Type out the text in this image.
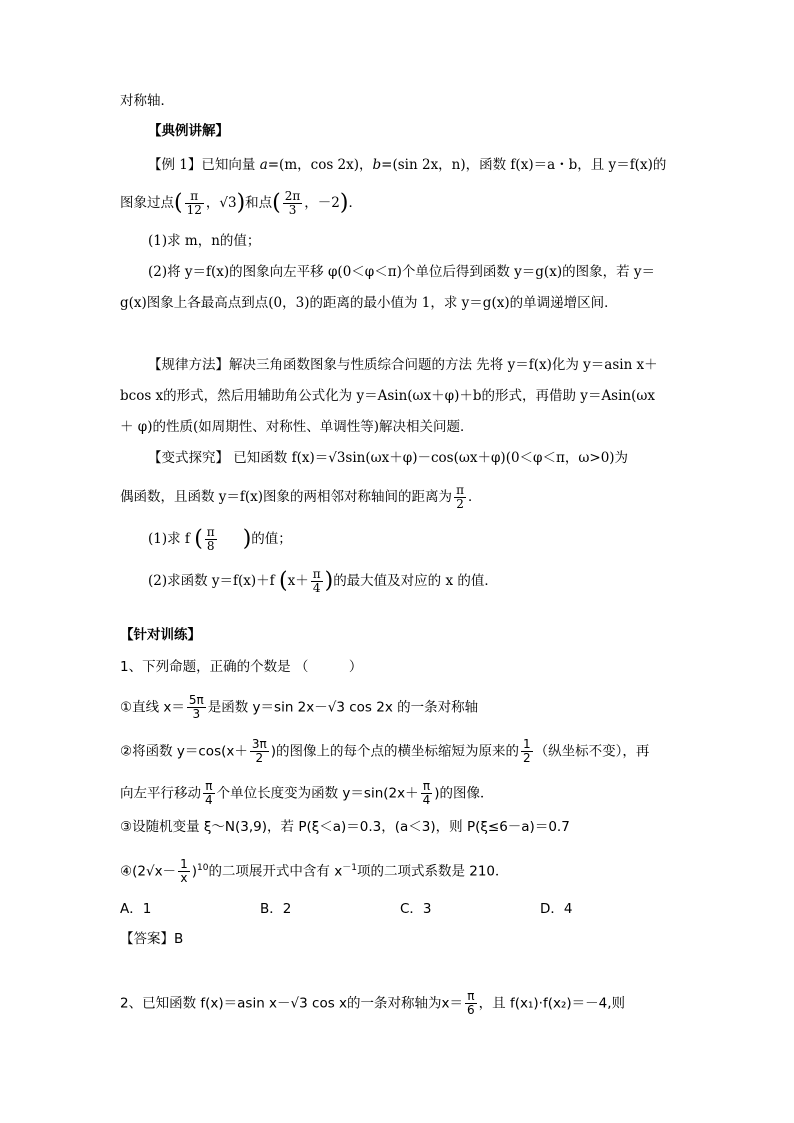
对称轴．
【典例讲解】
【例 1】已知向量 a=(m，cos 2x)，b=(sin 2x，n)，函数 f(x)＝a・b，且 y＝f(x)的
图象过点( $\frac{\pi}{12}$ ，√3)和点( $\frac{2\pi}{3}$ ，－2)．
(1)求 m，n的值；
(2)将 y＝f(x)的图象向左平移 φ(0＜φ＜π)个单位后得到函数 y＝g(x)的图象，若 y＝
g(x)图象上各最高点到点(0，3)的距离的最小值为 1，求 y＝g(x)的单调递增区间．
【规律方法】解决三角函数图象与性质综合问题的方法 先将 y＝f(x)化为 y＝asin x＋
bcos x的形式，然后用辅助角公式化为 y＝Asin(ωx＋φ)＋b的形式，再借助 y＝Asin(ωx
＋ φ)的性质(如周期性、对称性、单调性等)解决相关问题．
【变式探究】 已知函数 f(x)＝√3sin(ωx＋φ)－cos(ωx＋φ)(0＜φ＜π，ω>0)为
偶函数，且函数 y＝f(x)图象的两相邻对称轴间的距离为 $\frac{\pi}{2}$ ．
(1)求 f ( $\frac{\pi}{8}$ )的值；
(2)求函数 y＝f(x)＋f ($x+ \frac{\pi}{4}$ )的最大值及对应的 x 的值．
【针对训练】
1、下列命题，正确的个数是 （　　　）
①直线 $x= \frac{5\pi}{3}$ 是函数 y＝sin 2x－√3 cos 2x 的一条对称轴
②将函数 $y=\cos(x+ \frac{3\pi}{2}$ )的图像上的每个点的横坐标缩短为原来的 $\frac{1}{2}$ （纵坐标不变），再
向左平行移动 $\frac{\pi}{4}$ 个单位长度变为函数 $y=\sin(2x+ \frac{\pi}{4}$ )的图像．
③设随机变量 ξ～N(3,9)，若 P(ξ＜a)＝0.3，(a＜3)，则 P(ξ≤6－a)＝0.7
④(2√x－ $\frac{1}{x} )^{10}$的二项展开式中含有 $x^{-1}$项的二项式系数是 210．
A．1	B．2	C．3	D．4
【答案】B
2、已知函数 f(x)＝asin x－√3 cos x的一条对称轴为$x= \frac{\pi}{6}$ ，且 f(x₁)·f(x₂)＝－4,则
